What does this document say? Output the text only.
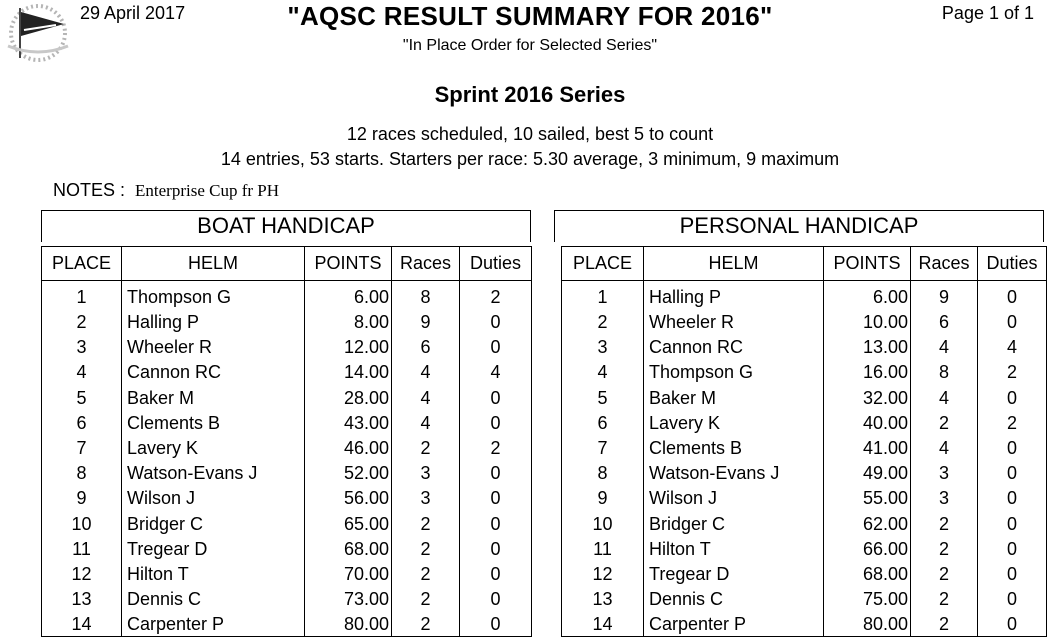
29 April 2017	"AQSC RESULT SUMMARY FOR 2016"	Page 1 of 1
"In Place Order for Selected Series"
Sprint 2016 Series
12 races scheduled, 10 sailed, best 5 to count
14 entries, 53 starts. Starters per race: 5.30 average, 3 minimum, 9 maximum
NOTES : Enterprise Cup fr PH
BOAT HANDICAP	PERSONAL HANDICAP
PLACE	HELM	POINTS	Races	Duties
1	Thompson G	6.00	8	2
2	Halling P	8.00	9	0
3	Wheeler R	12.00	6	0
4	Cannon RC	14.00	4	4
5	Baker M	28.00	4	0
6	Clements B	43.00	4	0
7	Lavery K	46.00	2	2
8	Watson-Evans J	52.00	3	0
9	Wilson J	56.00	3	0
10	Bridger C	65.00	2	0
11	Tregear D	68.00	2	0
12	Hilton T	70.00	2	0
13	Dennis C	73.00	2	0
14	Carpenter P	80.00	2	0
PLACE	HELM	POINTS	Races	Duties
1	Halling P	6.00	9	0
2	Wheeler R	10.00	6	0
3	Cannon RC	13.00	4	4
4	Thompson G	16.00	8	2
5	Baker M	32.00	4	0
6	Lavery K	40.00	2	2
7	Clements B	41.00	4	0
8	Watson-Evans J	49.00	3	0
9	Wilson J	55.00	3	0
10	Bridger C	62.00	2	0
11	Hilton T	66.00	2	0
12	Tregear D	68.00	2	0
13	Dennis C	75.00	2	0
14	Carpenter P	80.00	2	0
